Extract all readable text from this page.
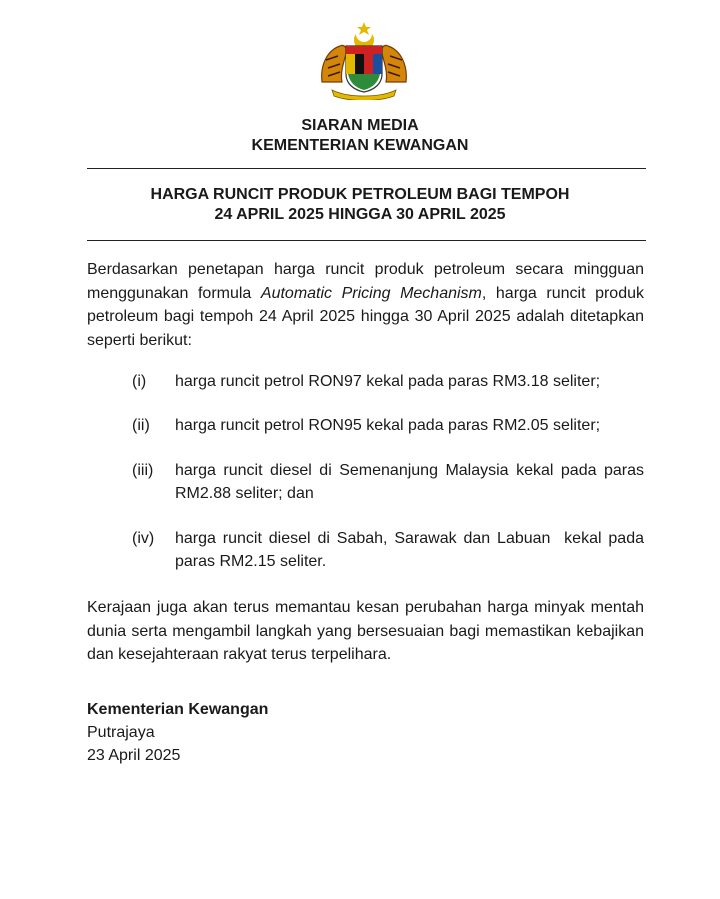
SIARAN MEDIA
KEMENTERIAN KEWANGAN
HARGA RUNCIT PRODUK PETROLEUM BAGI TEMPOH
24 APRIL 2025 HINGGA 30 APRIL 2025

Berdasarkan penetapan harga runcit produk petroleum secara mingguan menggunakan formula Automatic Pricing Mechanism, harga runcit produk petroleum bagi tempoh 24 April 2025 hingga 30 April 2025 adalah ditetapkan seperti berikut:

(i)	harga runcit petrol RON97 kekal pada paras RM3.18 seliter;
(ii)	harga runcit petrol RON95 kekal pada paras RM2.05 seliter;
(iii)	harga runcit diesel di Semenanjung Malaysia kekal pada paras RM2.88 seliter; dan
(iv)	harga runcit diesel di Sabah, Sarawak dan Labuan  kekal pada paras RM2.15 seliter.

Kerajaan juga akan terus memantau kesan perubahan harga minyak mentah dunia serta mengambil langkah yang bersesuaian bagi memastikan kebajikan dan kesejahteraan rakyat terus terpelihara.

Kementerian Kewangan
Putrajaya
23 April 2025
